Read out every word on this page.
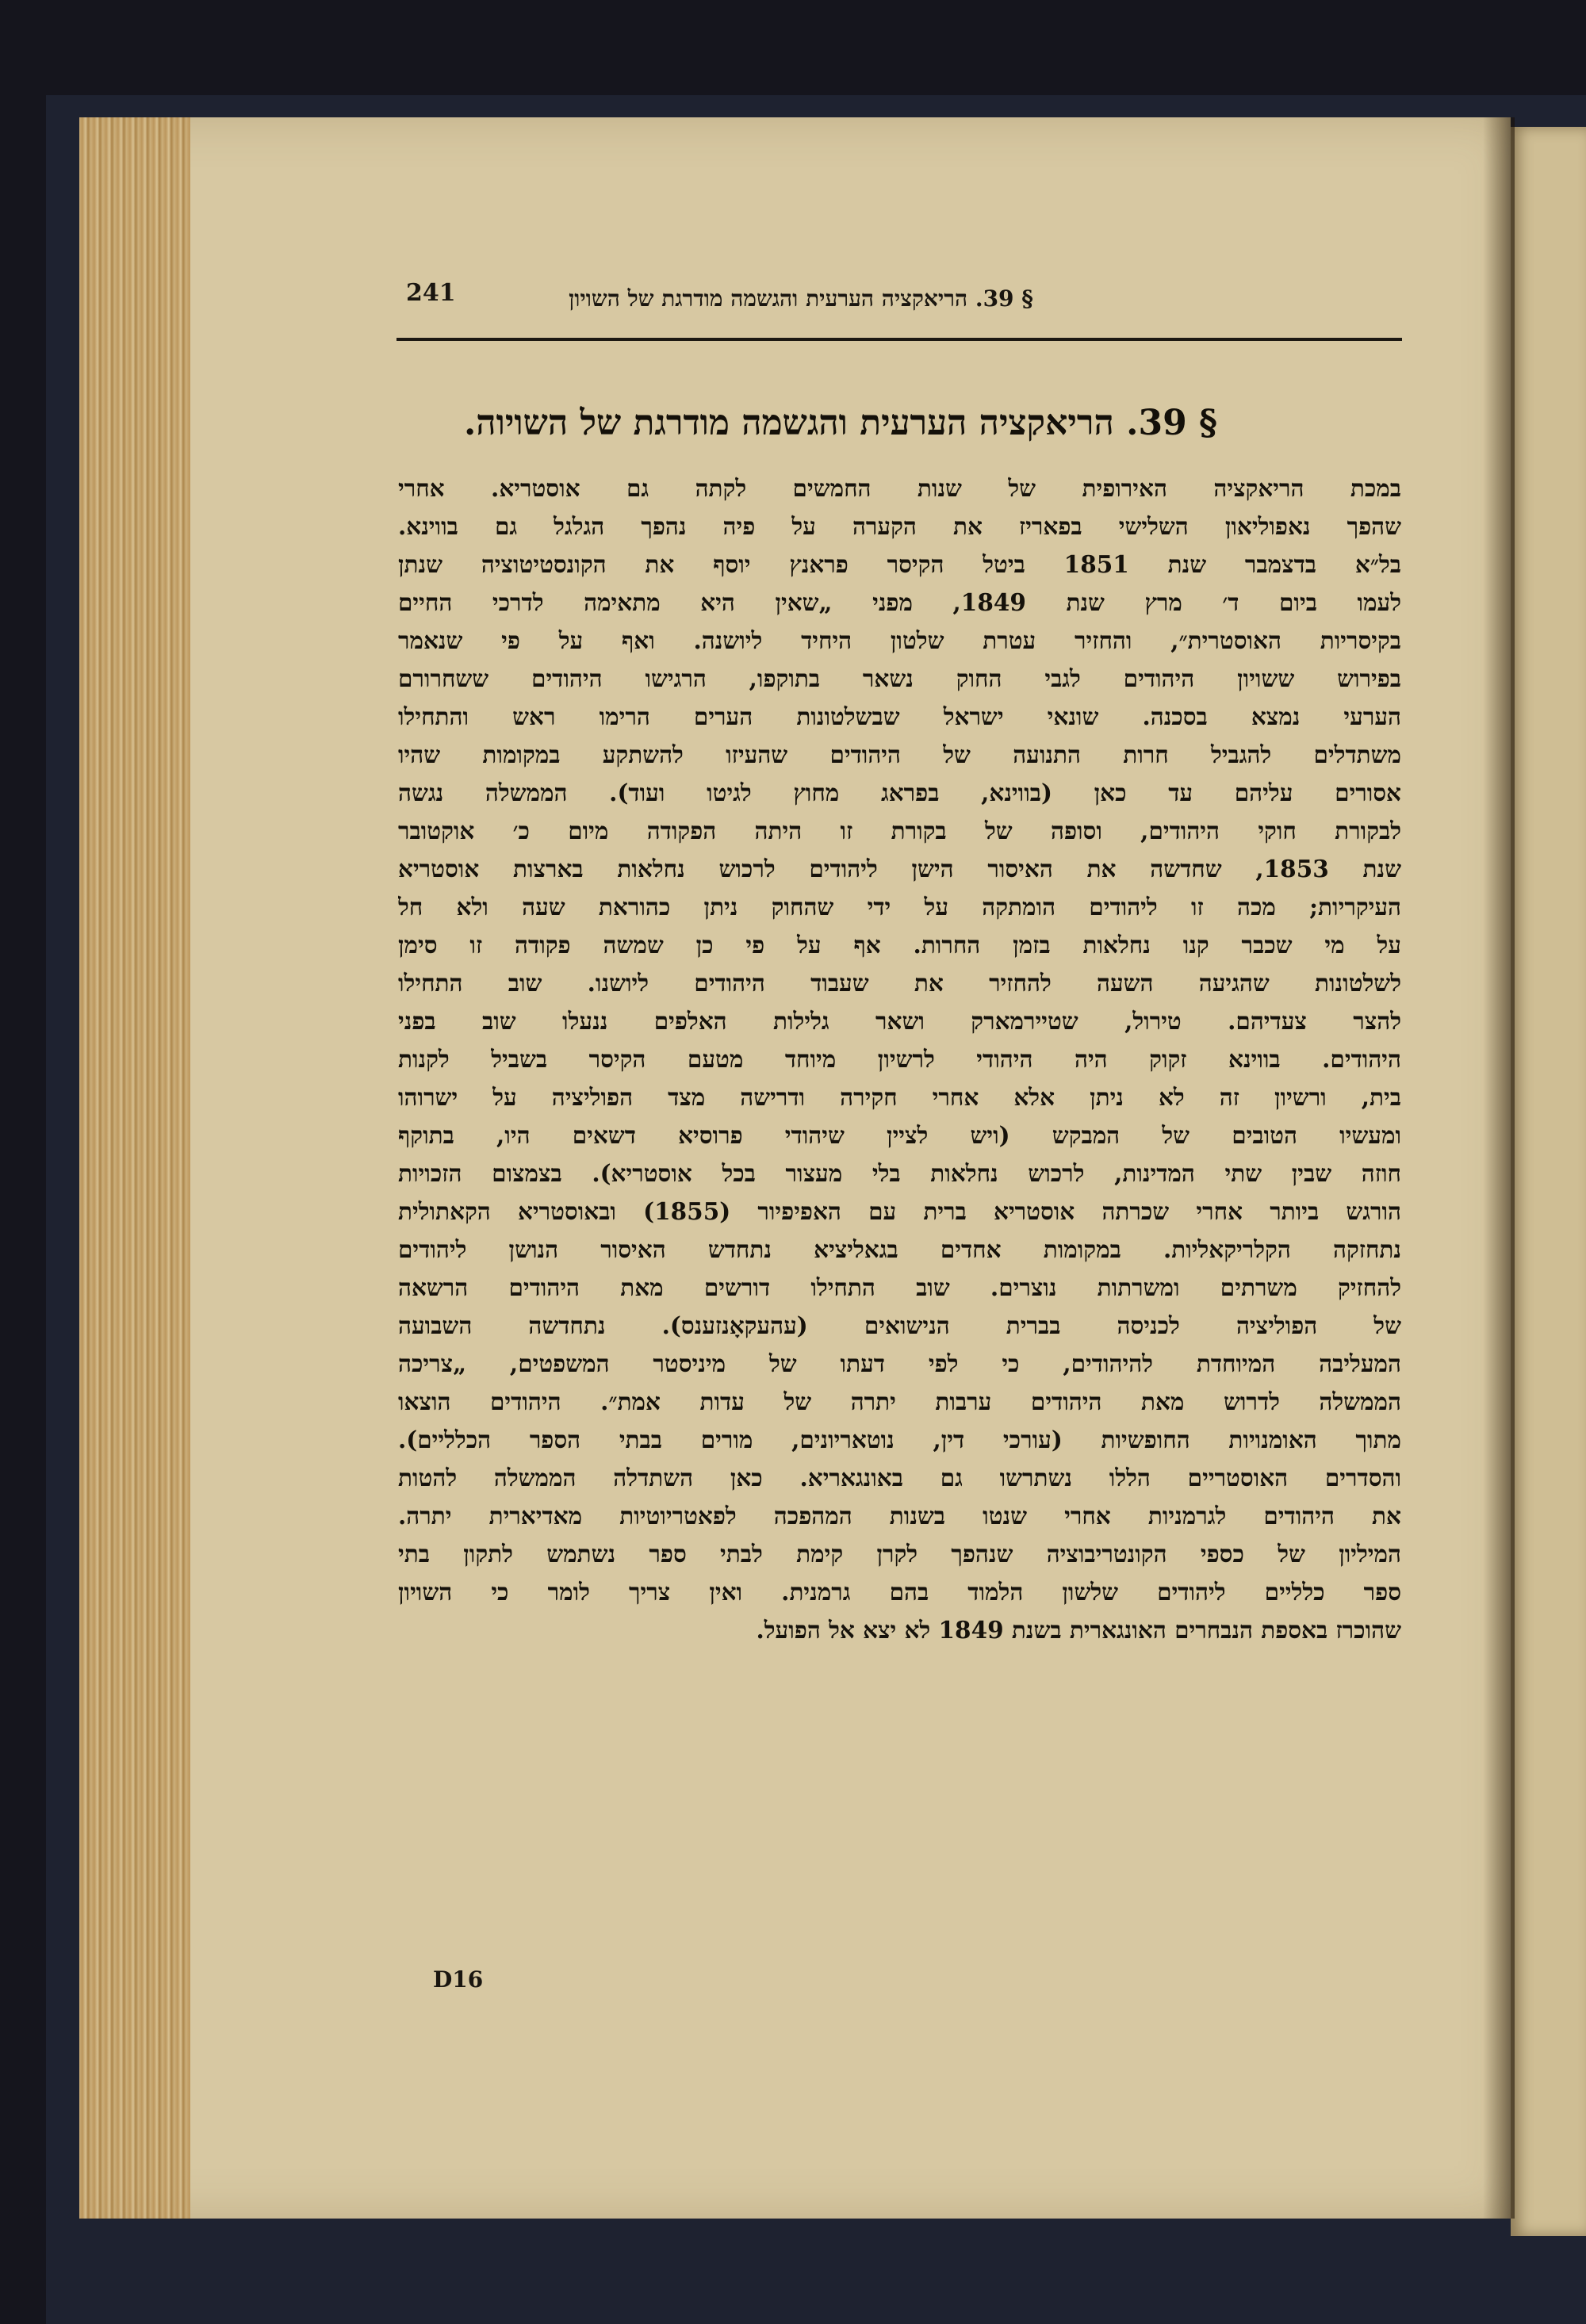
§ 39. הריאקציה הערעית והגשמה מודרגת של השויון
241
§ 39. הריאקציה הערעית והגשמה מודרגת של השויוה.
במכת הריאקציה האירופית של שנות החמשים לקתה גם אוסטריא. אחרי
שהפך נאפוליאון השלישי בפאריז את הקערה על פיה נהפך הגלגל גם בווינא.
בל״א בדצמבר שנת 1851 ביטל הקיסר פראנץ יוסף את הקונסטיטוציה שנתן
לעמו ביום ד׳ מרץ שנת 1849, מפני „שאין היא מתאימה לדרכי החיים
בקיסריות האוסטרית״, והחזיר עטרת שלטון היחיד ליושנה. ואף על פי שנאמר
בפירוש ששויון היהודים לגבי החוק נשאר בתוקפו, הרגישו היהודים ששחרורם
הערעי נמצא בסכנה. שונאי ישראל שבשלטונות הערים הרימו ראש והתחילו
משתדלים להגביל חרות התנועה של היהודים שהעיזו להשתקע במקומות שהיו
אסורים עליהם עד כאן (בווינא, בפראג מחוץ לגיטו ועוד). הממשלה נגשה
לבקורת חוקי היהודים, וסופה של בקורת זו היתה הפקודה מיום כ׳ אוקטובר
שנת 1853, שחדשה את האיסור הישן ליהודים לרכוש נחלאות בארצות אוסטריא
העיקריות; מכה זו ליהודים הומתקה על ידי שהחוק ניתן כהוראת שעה ולא חל
על מי שכבר קנו נחלאות בזמן החרות. אף על פי כן שמשה פקודה זו סימן
לשלטונות שהגיעה השעה להחזיר את שעבוד היהודים ליושנו. שוב התחילו
להצר צעדיהם. טירול, שטיירמארק ושאר גלילות האלפים ננעלו שוב בפני
היהודים. בווינא זקוק היה היהודי לרשיון מיוחד מטעם הקיסר בשביל לקנות
בית, ורשיון זה לא ניתן אלא אחרי חקירה ודרישה מצד הפוליציה על ישרוהו
ומעשיו הטובים של המבקש (ויש לציין שיהודי פרוסיא דשאים היו, בתוקף
חוזה שבין שתי המדינות, לרכוש נחלאות בלי מעצור בכל אוסטריא). בצמצום הזכויות
הורגש ביותר אחרי שכרתה אוסטריא ברית עם האפיפיור (1855) ובאוסטריא הקאתולית
נתחזקה הקלריקאליות. במקומות אחדים בגאליציא נתחדש האיסור הנושן ליהודים
להחזיק משרתים ומשרתות נוצרים. שוב התחילו דורשים מאת היהודים הרשאה
של הפוליציה לכניסה בברית הנישואים (עהעקאָנזענס). נתחדשה השבועה
המעליבה המיוחדת להיהודים, כי לפי דעתו של מיניסטר המשפטים, „צריכה
הממשלה לדרוש מאת היהודים ערבות יתרה של עדות אמת״. היהודים הוצאו
מתוך האומנויות החופשיות (עורכי דין, נוטאריונים, מורים בבתי הספר הכלליים).
והסדרים האוסטריים הללו נשתרשו גם באונגאריא. כאן השתדלה הממשלה להטות
את היהודים לגרמניות אחרי שנטו בשנות המהפכה לפאטריוטיות מאדיארית יתרה.
המיליון של כספי הקונטריבוציה שנהפך לקרן קימת לבתי ספר נשתמש לתקון בתי
ספר כלליים ליהודים שלשון הלמוד בהם גרמנית. ואין צריך לומר כי השויון
שהוכרז באספת הנבחרים האונגארית בשנת 1849 לא יצא אל הפועל.
D16
